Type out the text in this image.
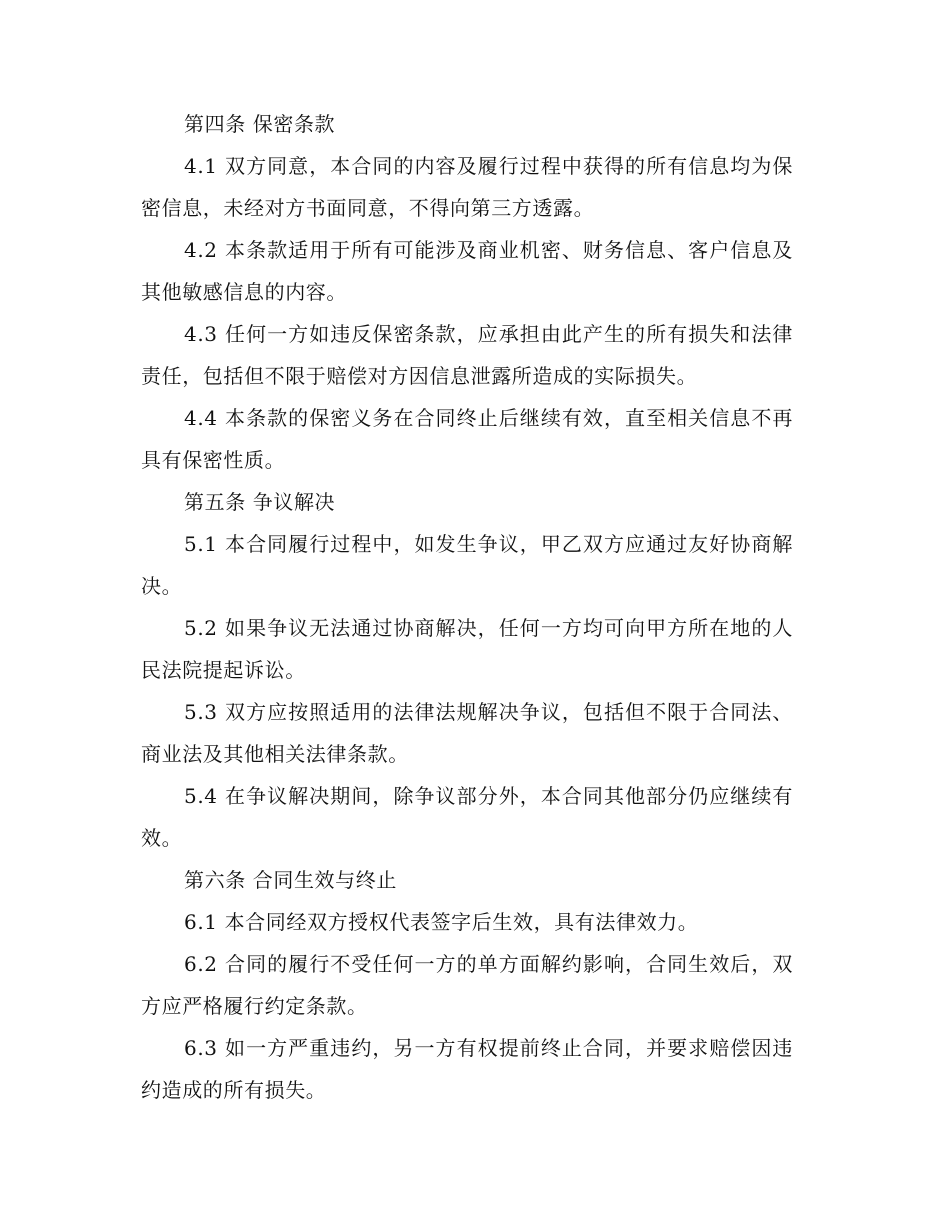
第四条 保密条款

4.1 双方同意，本合同的内容及履行过程中获得的所有信息均为保密信息，未经对方书面同意，不得向第三方透露。

4.2 本条款适用于所有可能涉及商业机密、财务信息、客户信息及其他敏感信息的内容。

4.3 任何一方如违反保密条款，应承担由此产生的所有损失和法律责任，包括但不限于赔偿对方因信息泄露所造成的实际损失。

4.4 本条款的保密义务在合同终止后继续有效，直至相关信息不再具有保密性质。

第五条 争议解决

5.1 本合同履行过程中，如发生争议，甲乙双方应通过友好协商解决。

5.2 如果争议无法通过协商解决，任何一方均可向甲方所在地的人民法院提起诉讼。

5.3 双方应按照适用的法律法规解决争议，包括但不限于合同法、商业法及其他相关法律条款。

5.4 在争议解决期间，除争议部分外，本合同其他部分仍应继续有效。

第六条 合同生效与终止

6.1 本合同经双方授权代表签字后生效，具有法律效力。

6.2 合同的履行不受任何一方的单方面解约影响，合同生效后，双方应严格履行约定条款。

6.3 如一方严重违约，另一方有权提前终止合同，并要求赔偿因违约造成的所有损失。
